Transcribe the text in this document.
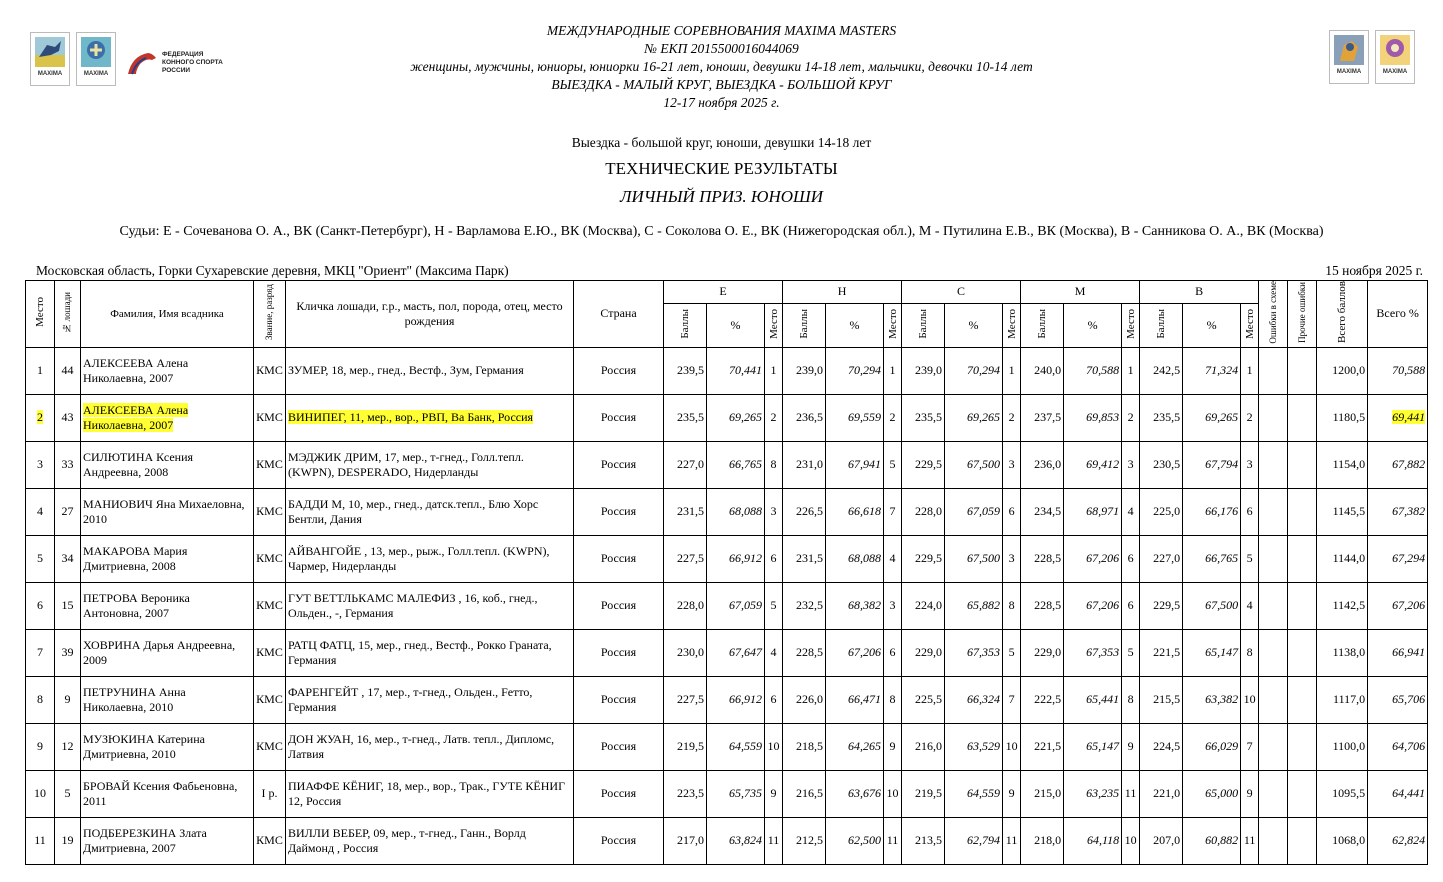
MAXIMA	MAXIMA
ФЕДЕРАЦИЯ
КОННОГО СПОРТА
РОССИИ	MAXIMA	MAXIMA
МЕЖДУНАРОДНЫЕ СОРЕВНОВАНИЯ MAXIMA MASTERS
№ ЕКП 2015500016044069
женщины, мужчины, юниоры, юниорки 16-21 лет, юноши, девушки 14-18 лет, мальчики, девочки 10-14 лет
ВЫЕЗДКА - МАЛЫЙ КРУГ, ВЫЕЗДКА - БОЛЬШОЙ КРУГ
12-17 ноября 2025 г.
Выездка - большой круг, юноши, девушки 14-18 лет
ТЕХНИЧЕСКИЕ РЕЗУЛЬТАТЫ
ЛИЧНЫЙ ПРИЗ. ЮНОШИ
Судьи: Е - Сочеванова О. А., ВК (Санкт-Петербург), Н - Варламова Е.Ю., ВК (Москва), С - Соколова О. Е., ВК (Нижегородская обл.), М - Путилина Е.В., ВК (Москва), В - Санникова О. А., ВК (Москва)
Московская область, Горки Сухаревские деревня, МКЦ "Ориент" (Максима Парк)	15 ноября 2025 г.
Место	№ лошади	Фамилия, Имя всадника	Звание, разряд	Кличка лошади, г.р., масть, пол, порода, отец, место рождения	Страна	Е			Н			С			М			В			Ошибки в схеме	Прочие ошибки	Всего баллов	Всего %
						Баллы	%	Место	Баллы	%	Место	Баллы	%	Место	Баллы	%	Место	Баллы	%	Место				
1	44	АЛЕКСЕЕВА Алена Николаевна, 2007	КМС	ЗУМЕР, 18, мер., гнед., Вестф., Зум, Германия	Россия	239,5	70,441	1	239,0	70,294	1	239,0	70,294	1	240,0	70,588	1	242,5	71,324	1			1200,0	70,588
2	43	АЛЕКСЕЕВА Алена Николаевна, 2007	КМС	ВИНИПЕГ, 11, мер., вор., РВП, Ва Банк, Россия	Россия	235,5	69,265	2	236,5	69,559	2	235,5	69,265	2	237,5	69,853	2	235,5	69,265	2			1180,5	69,441
3	33	СИЛЮТИНА Ксения Андреевна, 2008	КМС	МЭДЖИК ДРИМ, 17, мер., т-гнед., Голл.тепл. (KWPN), DESPERADO, Нидерланды	Россия	227,0	66,765	8	231,0	67,941	5	229,5	67,500	3	236,0	69,412	3	230,5	67,794	3			1154,0	67,882
4	27	МАНИОВИЧ Яна Михаеловна, 2010	КМС	БАДДИ М, 10, мер., гнед., датск.тепл., Блю Хорс Бентли, Дания	Россия	231,5	68,088	3	226,5	66,618	7	228,0	67,059	6	234,5	68,971	4	225,0	66,176	6			1145,5	67,382
5	34	МАКАРОВА Мария Дмитриевна, 2008	КМС	АЙВАНГОЙЕ , 13, мер., рыж., Голл.тепл. (KWPN), Чармер, Нидерланды	Россия	227,5	66,912	6	231,5	68,088	4	229,5	67,500	3	228,5	67,206	6	227,0	66,765	5			1144,0	67,294
6	15	ПЕТРОВА Вероника Антоновна, 2007	КМС	ГУТ ВЕТТЛЬКАМС МАЛЕФИЗ , 16, коб., гнед., Ольден., -, Германия	Россия	228,0	67,059	5	232,5	68,382	3	224,0	65,882	8	228,5	67,206	6	229,5	67,500	4			1142,5	67,206
7	39	ХОВРИНА Дарья Андреевна, 2009	КМС	РАТЦ ФАТЦ, 15, мер., гнед., Вестф., Рокко Граната, Германия	Россия	230,0	67,647	4	228,5	67,206	6	229,0	67,353	5	229,0	67,353	5	221,5	65,147	8			1138,0	66,941
8	9	ПЕТРУНИНА Анна Николаевна, 2010	КМС	ФАРЕНГЕЙТ , 17, мер., т-гнед., Ольден., Fетто, Германия	Россия	227,5	66,912	6	226,0	66,471	8	225,5	66,324	7	222,5	65,441	8	215,5	63,382	10			1117,0	65,706
9	12	МУЗЮКИНА Катерина Дмитриевна, 2010	КМС	ДОН ЖУАН, 16, мер., т-гнед., Латв. тепл., Дипломс, Латвия	Россия	219,5	64,559	10	218,5	64,265	9	216,0	63,529	10	221,5	65,147	9	224,5	66,029	7			1100,0	64,706
10	5	БРОВАЙ Ксения Фабьеновна, 2011	I р.	ПИАФФЕ КЁНИГ, 18, мер., вор., Трак., ГУТЕ КЁНИГ 12, Россия	Россия	223,5	65,735	9	216,5	63,676	10	219,5	64,559	9	215,0	63,235	11	221,0	65,000	9			1095,5	64,441
11	19	ПОДБЕРЕЗКИНА Злата Дмитриевна, 2007	КМС	ВИЛЛИ ВЕБЕР, 09, мер., т-гнед., Ганн., Ворлд Даймонд , Россия	Россия	217,0	63,824	11	212,5	62,500	11	213,5	62,794	11	218,0	64,118	10	207,0	60,882	11			1068,0	62,824
